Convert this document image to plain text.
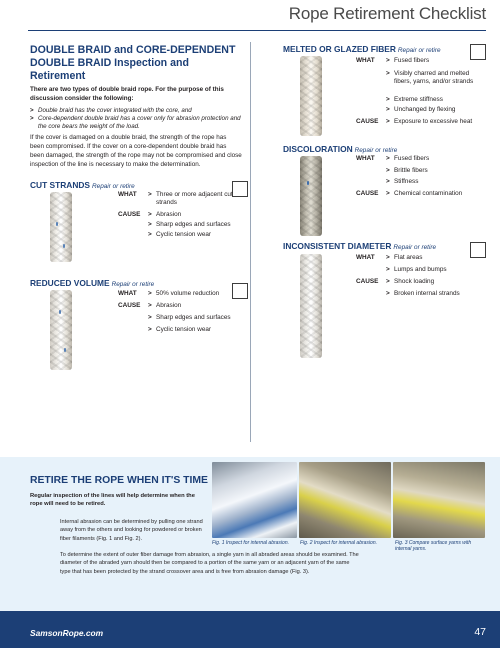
Rope Retirement Checklist
DOUBLE BRAID and CORE-DEPENDENT
DOUBLE BRAID Inspection and Retirement
There are two types of double braid rope. For the purpose of this discussion consider the following:
> Double braid has the cover integrated with the core, and
> Core-dependent double braid has a cover only for abrasion protection and the core bears the weight of the load.
If the cover is damaged on a double braid, the strength of the rope has been compromised. If the cover on a core-dependent double braid has been damaged, the strength of the rope may not be compromised and close inspection of the line is necessary to make the determination.
CUT STRANDS Repair or retire
WHAT > Three or more adjacent cut strands
CAUSE > Abrasion
> Sharp edges and surfaces
> Cyclic tension wear
REDUCED VOLUME Repair or retire
WHAT > 50% volume reduction
CAUSE > Abrasion
> Sharp edges and surfaces
> Cyclic tension wear
MELTED OR GLAZED FIBER Repair or retire
WHAT > Fused fibers
> Visibly charred and melted fibers, yarns, and/or strands
> Extreme stiffness
> Unchanged by flexing
CAUSE > Exposure to excessive heat
DISCOLORATION Repair or retire
WHAT > Fused fibers
> Brittle fibers
> Stiffness
CAUSE > Chemical contamination
INCONSISTENT DIAMETER Repair or retire
WHAT > Flat areas
> Lumps and bumps
CAUSE > Shock loading
> Broken internal strands
RETIRE THE ROPE WHEN IT'S TIME
Regular inspection of the lines will help determine when the rope will need to be retired.
Internal abrasion can be determined by pulling one strand away from the others and looking for powdered or broken fiber filaments (Fig. 1 and Fig. 2).
To determine the extent of outer fiber damage from abrasion, a single yarn in all abraded areas should be examined. The diameter of the abraded yarn should then be compared to a portion of the same yarn or an adjacent yarn of the same type that has been protected by the strand crossover area and is free from abrasion damage (Fig. 3).
Fig. 1 Inspect for internal abrasion.	Fig. 2 Inspect for internal abrasion.	Fig. 3 Compare surface yarns with internal yarns.
SamsonRope.com	47
